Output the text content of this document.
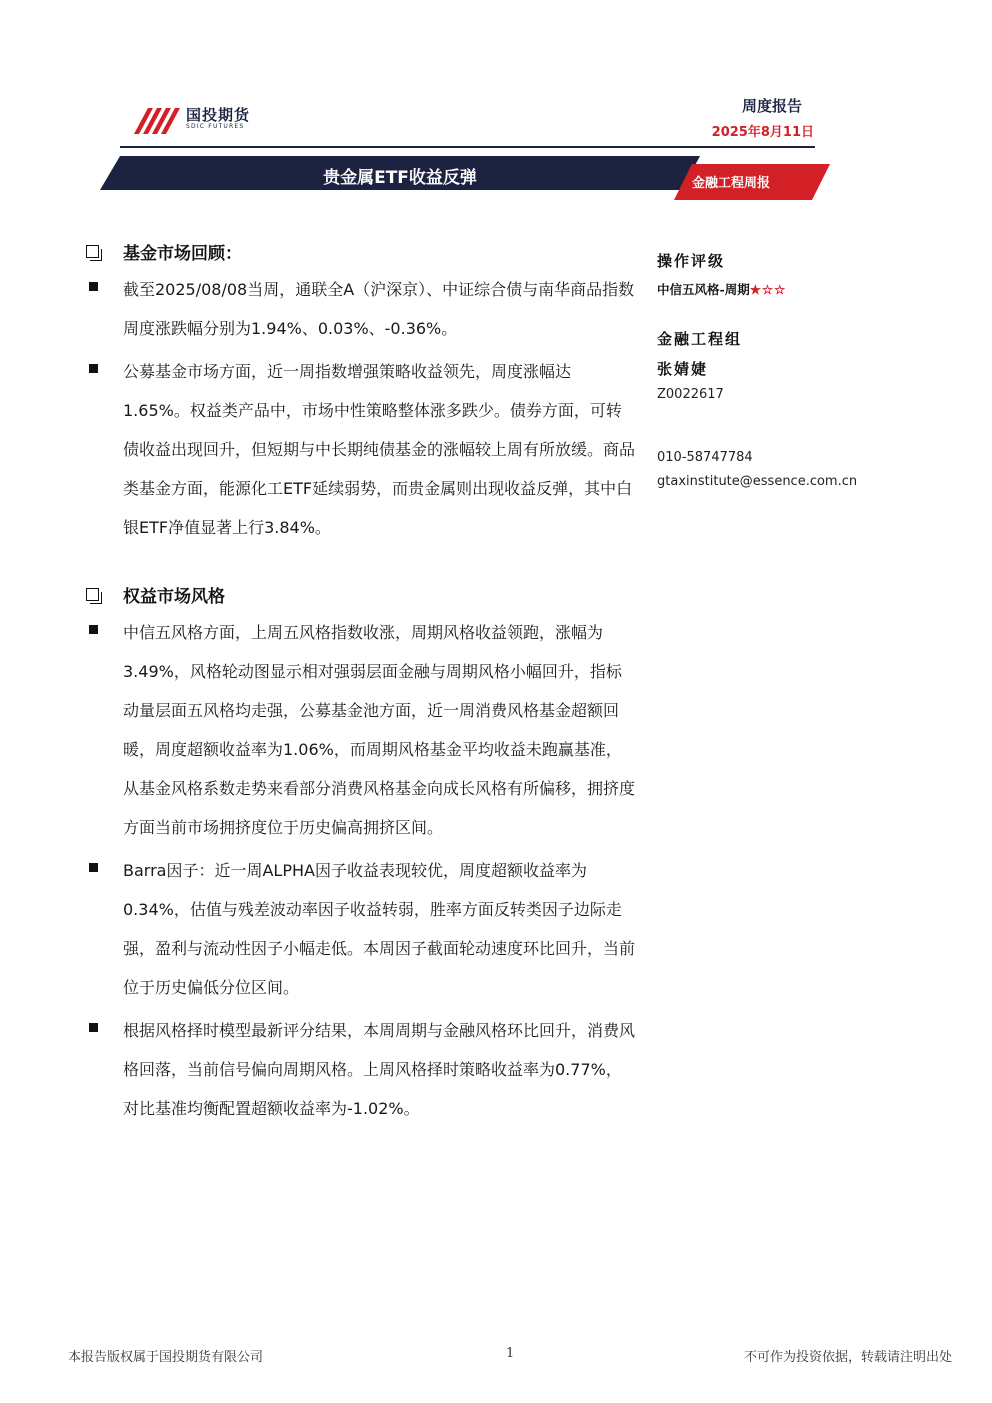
国投期货
SDIC FUTURES
周度报告
2025年8月11日
贵金属ETF收益反弹	金融工程周报
基金市场回顾：
截至2025/08/08当周，通联全A（沪深京）、中证综合债与南华商品指数周度涨跌幅分别为1.94%、0.03%、-0.36%。
公募基金市场方面，近一周指数增强策略收益领先，周度涨幅达1.65%。权益类产品中，市场中性策略整体涨多跌少。债券方面，可转债收益出现回升，但短期与中长期纯债基金的涨幅较上周有所放缓。商品类基金方面，能源化工ETF延续弱势，而贵金属则出现收益反弹，其中白银ETF净值显著上行3.84%。
权益市场风格
中信五风格方面，上周五风格指数收涨，周期风格收益领跑，涨幅为3.49%，风格轮动图显示相对强弱层面金融与周期风格小幅回升，指标动量层面五风格均走强，公募基金池方面，近一周消费风格基金超额回暖，周度超额收益率为1.06%，而周期风格基金平均收益未跑赢基准，从基金风格系数走势来看部分消费风格基金向成长风格有所偏移，拥挤度方面当前市场拥挤度位于历史偏高拥挤区间。
Barra因子：近一周ALPHA因子收益表现较优，周度超额收益率为0.34%，估值与残差波动率因子收益转弱，胜率方面反转类因子边际走强，盈利与流动性因子小幅走低。本周因子截面轮动速度环比回升，当前位于历史偏低分位区间。
根据风格择时模型最新评分结果，本周周期与金融风格环比回升，消费风格回落，当前信号偏向周期风格。上周风格择时策略收益率为0.77%，对比基准均衡配置超额收益率为-1.02%。
操作评级
中信五风格-周期★☆☆
金融工程组
张婧婕
Z0022617
010-58747784
gtaxinstitute@essence.com.cn
本报告版权属于国投期货有限公司	1	不可作为投资依据，转载请注明出处
